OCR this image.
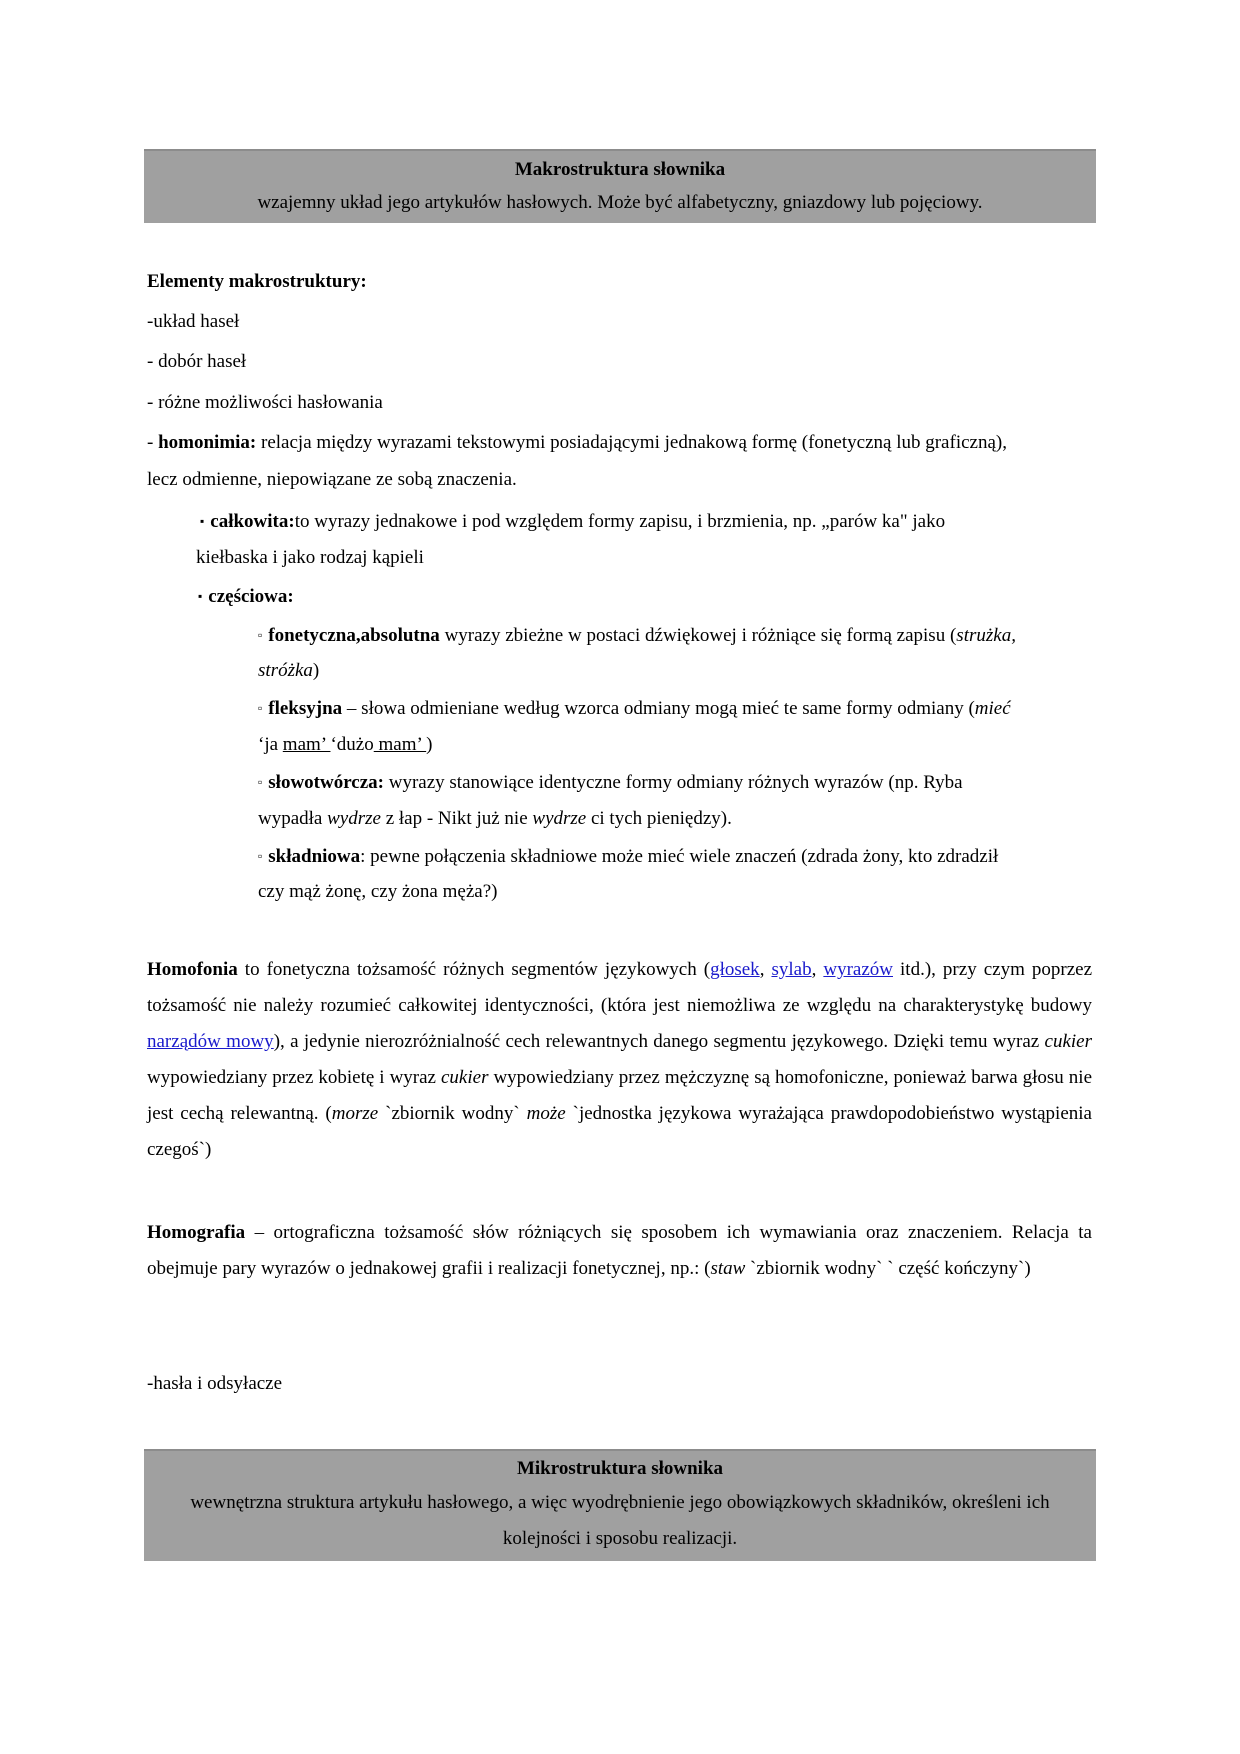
Makrostruktura słownika
wzajemny układ jego artykułów hasłowych. Może być alfabetyczny, gniazdowy lub pojęciowy.
Elementy makrostruktury:
-układ haseł
- dobór haseł
- różne możliwości hasłowania
- homonimia: relacja między wyrazami tekstowymi posiadającymi jednakową formę (fonetyczną lub graficzną),
lecz odmienne, niepowiązane ze sobą znaczenia.
▪ całkowita:to wyrazy jednakowe i pod względem formy zapisu, i brzmienia, np. „parów ka" jako
kiełbaska i jako rodzaj kąpieli
▪ częściowa:
▫ fonetyczna,absolutna wyrazy zbieżne w postaci dźwiękowej i różniące się formą zapisu (strużka,
stróżka)
▫ fleksyjna – słowa odmieniane według wzorca odmiany mogą mieć te same formy odmiany (mieć
‘ja mam’ ‘dużo mam’ )
▫ słowotwórcza: wyrazy stanowiące identyczne formy odmiany różnych wyrazów (np. Ryba
wypadła wydrze z łap - Nikt już nie wydrze ci tych pieniędzy).
▫ składniowa: pewne połączenia składniowe może mieć wiele znaczeń (zdrada żony, kto zdradził
czy mąż żonę, czy żona męża?)
Homofonia to fonetyczna tożsamość różnych segmentów językowych (głosek, sylab, wyrazów itd.), przy czym poprzez tożsamość nie należy rozumieć całkowitej identyczności, (która jest niemożliwa ze względu na charakterystykę budowy narządów mowy), a jedynie nierozróżnialność cech relewantnych danego segmentu językowego. Dzięki temu wyraz cukier wypowiedziany przez kobietę i wyraz cukier wypowiedziany przez mężczyznę są homofoniczne, ponieważ barwa głosu nie jest cechą relewantną. (morze `zbiornik wodny` może `jednostka językowa wyrażająca prawdopodobieństwo wystąpienia czegoś`)
Homografia – ortograficzna tożsamość słów różniących się sposobem ich wymawiania oraz znaczeniem. Relacja ta obejmuje pary wyrazów o jednakowej grafii i realizacji fonetycznej, np.: (staw `zbiornik wodny` ` część kończyny`)
-hasła i odsyłacze
Mikrostruktura słownika
wewnętrzna struktura artykułu hasłowego, a więc wyodrębnienie jego obowiązkowych składników, określeni ich kolejności i sposobu realizacji.
